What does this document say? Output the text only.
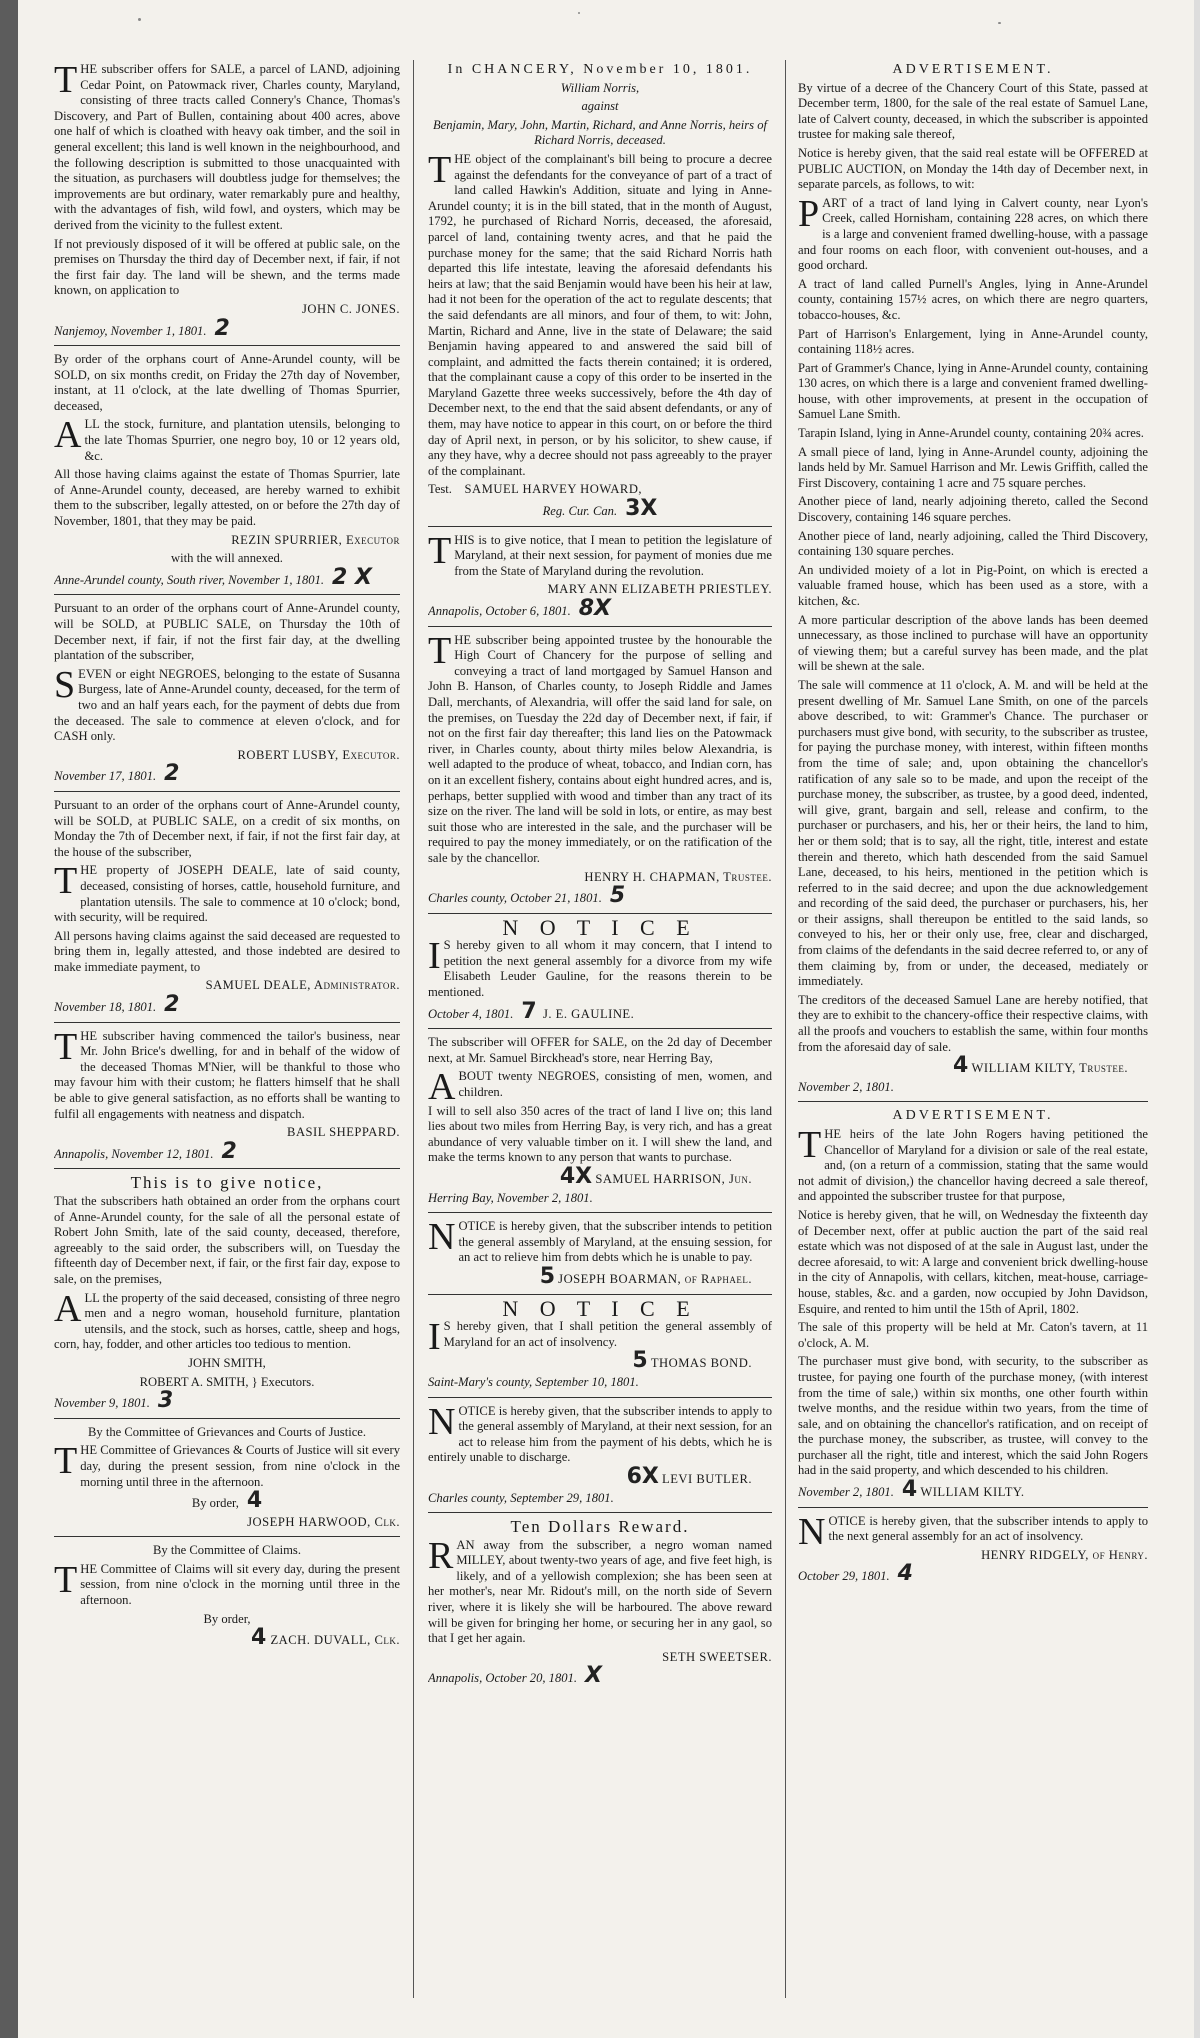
THE subscriber offers for SALE, a parcel of LAND, adjoining Cedar Point, on Patowmack river, Charles county, Maryland, consisting of three tracts called Connery's Chance, Thomas's Discovery, and Part of Bullen, containing about 400 acres, above one half of which is cloathed with heavy oak timber, and the soil in general excellent; this land is well known in the neighbourhood, and the following description is submitted to those unacquainted with the situation, as purchasers will doubtless judge for themselves; the improvements are but ordinary, water remarkably pure and healthy, with the advantages of fish, wild fowl, and oysters, which may be derived from the vicinity to the fullest extent.

If not previously disposed of it will be offered at public sale, on the premises on Thursday the third day of December next, if fair, if not the first fair day. The land will be shewn, and the terms made known, on application to

JOHN C. JONES.

Nanjemoy, November 1, 1801. 2

By order of the orphans court of Anne-Arundel county, will be SOLD, on six months credit, on Friday the 27th day of November, instant, at 11 o'clock, at the late dwelling of Thomas Spurrier, deceased,

ALL the stock, furniture, and plantation utensils, belonging to the late Thomas Spurrier, one negro boy, 10 or 12 years old, &c.

All those having claims against the estate of Thomas Spurrier, late of Anne-Arundel county, deceased, are hereby warned to exhibit them to the subscriber, legally attested, on or before the 27th day of November, 1801, that they may be paid.

REZIN SPURRIER, Executor

with the will annexed.

Anne-Arundel county, South river, November 1, 1801. 2 X

Pursuant to an order of the orphans court of Anne-Arundel county, will be SOLD, at PUBLIC SALE, on Thursday the 10th of December next, if fair, if not the first fair day, at the dwelling plantation of the subscriber,

SEVEN or eight NEGROES, belonging to the estate of Susanna Burgess, late of Anne-Arundel county, deceased, for the term of two and an half years each, for the payment of debts due from the deceased. The sale to commence at eleven o'clock, and for CASH only.

ROBERT LUSBY, Executor.

November 17, 1801. 2

Pursuant to an order of the orphans court of Anne-Arundel county, will be SOLD, at PUBLIC SALE, on a credit of six months, on Monday the 7th of December next, if fair, if not the first fair day, at the house of the subscriber,

THE property of JOSEPH DEALE, late of said county, deceased, consisting of horses, cattle, household furniture, and plantation utensils. The sale to commence at 10 o'clock; bond, with security, will be required.

All persons having claims against the said deceased are requested to bring them in, legally attested, and those indebted are desired to make immediate payment, to

SAMUEL DEALE, Administrator.

November 18, 1801. 2

THE subscriber having commenced the tailor's business, near Mr. John Brice's dwelling, for and in behalf of the widow of the deceased Thomas M'Nier, will be thankful to those who may favour him with their custom; he flatters himself that he shall be able to give general satisfaction, as no efforts shall be wanting to fulfil all engagements with neatness and dispatch.

BASIL SHEPPARD.

Annapolis, November 12, 1801. 2

This is to give notice,

That the subscribers hath obtained an order from the orphans court of Anne-Arundel county, for the sale of all the personal estate of Robert John Smith, late of the said county, deceased, therefore, agreeably to the said order, the subscribers will, on Tuesday the fifteenth day of December next, if fair, or the first fair day, expose to sale, on the premises,

ALL the property of the said deceased, consisting of three negro men and a negro woman, household furniture, plantation utensils, and the stock, such as horses, cattle, sheep and hogs, corn, hay, fodder, and other articles too tedious to mention.

JOHN SMITH,

ROBERT A. SMITH, } Executors.

November 9, 1801. 3

By the Committee of Grievances and Courts of Justice.

THE Committee of Grievances & Courts of Justice will sit every day, during the present session, from nine o'clock in the morning until three in the afternoon.

By order, 4

JOSEPH HARWOOD, Clk.

By the Committee of Claims.

THE Committee of Claims will sit every day, during the present session, from nine o'clock in the morning until three in the afternoon.

By order,

4 ZACH. DUVALL, Clk.

In CHANCERY, November 10, 1801.

William Norris,

against

Benjamin, Mary, John, Martin, Richard, and Anne Norris, heirs of Richard Norris, deceased.

THE object of the complainant's bill being to procure a decree against the defendants for the conveyance of part of a tract of land called Hawkin's Addition, situate and lying in Anne-Arundel county; it is in the bill stated, that in the month of August, 1792, he purchased of Richard Norris, deceased, the aforesaid, parcel of land, containing twenty acres, and that he paid the purchase money for the same; that the said Richard Norris hath departed this life intestate, leaving the aforesaid defendants his heirs at law; that the said Benjamin would have been his heir at law, had it not been for the operation of the act to regulate descents; that the said defendants are all minors, and four of them, to wit: John, Martin, Richard and Anne, live in the state of Delaware; the said Benjamin having appeared to and answered the said bill of complaint, and admitted the facts therein contained; it is ordered, that the complainant cause a copy of this order to be inserted in the Maryland Gazette three weeks successively, before the 4th day of December next, to the end that the said absent defendants, or any of them, may have notice to appear in this court, on or before the third day of April next, in person, or by his solicitor, to shew cause, if any they have, why a decree should not pass agreeably to the prayer of the complainant.

Test. SAMUEL HARVEY HOWARD,

Reg. Cur. Can. 3X

THIS is to give notice, that I mean to petition the legislature of Maryland, at their next session, for payment of monies due me from the State of Maryland during the revolution.

MARY ANN ELIZABETH PRIESTLEY.

Annapolis, October 6, 1801. 8X

THE subscriber being appointed trustee by the honourable the High Court of Chancery for the purpose of selling and conveying a tract of land mortgaged by Samuel Hanson and John B. Hanson, of Charles county, to Joseph Riddle and James Dall, merchants, of Alexandria, will offer the said land for sale, on the premises, on Tuesday the 22d day of December next, if fair, if not on the first fair day thereafter; this land lies on the Patowmack river, in Charles county, about thirty miles below Alexandria, is well adapted to the produce of wheat, tobacco, and Indian corn, has on it an excellent fishery, contains about eight hundred acres, and is, perhaps, better supplied with wood and timber than any tract of its size on the river. The land will be sold in lots, or entire, as may best suit those who are interested in the sale, and the purchaser will be required to pay the money immediately, or on the ratification of the sale by the chancellor.

HENRY H. CHAPMAN, Trustee.

Charles county, October 21, 1801. 5

N O T I C E

I S hereby given to all whom it may concern, that I intend to petition the next general assembly for a divorce from my wife Elisabeth Leuder Gauline, for the reasons therein to be mentioned.

October 4, 1801. 7 J. E. GAULINE.

The subscriber will OFFER for SALE, on the 2d day of December next, at Mr. Samuel Birckhead's store, near Herring Bay,

ABOUT twenty NEGROES, consisting of men, women, and children.

I will to sell also 350 acres of the tract of land I live on; this land lies about two miles from Herring Bay, is very rich, and has a great abundance of very valuable timber on it. I will shew the land, and make the terms known to any person that wants to purchase.

4X SAMUEL HARRISON, Jun.

Herring Bay, November 2, 1801.

NOTICE is hereby given, that the subscriber intends to petition the general assembly of Maryland, at the ensuing session, for an act to relieve him from debts which he is unable to pay.

5 JOSEPH BOARMAN, of Raphael.

N O T I C E

I S hereby given, that I shall petition the general assembly of Maryland for an act of insolvency.

5 THOMAS BOND.

Saint-Mary's county, September 10, 1801.

NOTICE is hereby given, that the subscriber intends to apply to the general assembly of Maryland, at their next session, for an act to release him from the payment of his debts, which he is entirely unable to discharge.

6X LEVI BUTLER.

Charles county, September 29, 1801.

Ten Dollars Reward.

RAN away from the subscriber, a negro woman named MILLEY, about twenty-two years of age, and five feet high, is likely, and of a yellowish complexion; she has been seen at her mother's, near Mr. Ridout's mill, on the north side of Severn river, where it is likely she will be harboured. The above reward will be given for bringing her home, or securing her in any gaol, so that I get her again.

SETH SWEETSER.

Annapolis, October 20, 1801. X

ADVERTISEMENT.

By virtue of a decree of the Chancery Court of this State, passed at December term, 1800, for the sale of the real estate of Samuel Lane, late of Calvert county, deceased, in which the subscriber is appointed trustee for making sale thereof,

Notice is hereby given, that the said real estate will be OFFERED at PUBLIC AUCTION, on Monday the 14th day of December next, in separate parcels, as follows, to wit:

PART of a tract of land lying in Calvert county, near Lyon's Creek, called Hornisham, containing 228 acres, on which there is a large and convenient framed dwelling-house, with a passage and four rooms on each floor, with convenient out-houses, and a good orchard.

A tract of land called Purnell's Angles, lying in Anne-Arundel county, containing 157½ acres, on which there are negro quarters, tobacco-houses, &c.

Part of Harrison's Enlargement, lying in Anne-Arundel county, containing 118½ acres.

Part of Grammer's Chance, lying in Anne-Arundel county, containing 130 acres, on which there is a large and convenient framed dwelling-house, with other improvements, at present in the occupation of Samuel Lane Smith.

Tarapin Island, lying in Anne-Arundel county, containing 20¾ acres.

A small piece of land, lying in Anne-Arundel county, adjoining the lands held by Mr. Samuel Harrison and Mr. Lewis Griffith, called the First Discovery, containing 1 acre and 75 square perches.

Another piece of land, nearly adjoining thereto, called the Second Discovery, containing 146 square perches.

Another piece of land, nearly adjoining, called the Third Discovery, containing 130 square perches.

An undivided moiety of a lot in Pig-Point, on which is erected a valuable framed house, which has been used as a store, with a kitchen, &c.

A more particular description of the above lands has been deemed unnecessary, as those inclined to purchase will have an opportunity of viewing them; but a careful survey has been made, and the plat will be shewn at the sale.

The sale will commence at 11 o'clock, A. M. and will be held at the present dwelling of Mr. Samuel Lane Smith, on one of the parcels above described, to wit: Grammer's Chance. The purchaser or purchasers must give bond, with security, to the subscriber as trustee, for paying the purchase money, with interest, within fifteen months from the time of sale; and, upon obtaining the chancellor's ratification of any sale so to be made, and upon the receipt of the purchase money, the subscriber, as trustee, by a good deed, indented, will give, grant, bargain and sell, release and confirm, to the purchaser or purchasers, and his, her or their heirs, the land to him, her or them sold; that is to say, all the right, title, interest and estate therein and thereto, which hath descended from the said Samuel Lane, deceased, to his heirs, mentioned in the petition which is referred to in the said decree; and upon the due acknowledgement and recording of the said deed, the purchaser or purchasers, his, her or their assigns, shall thereupon be entitled to the said lands, so conveyed to his, her or their only use, free, clear and discharged, from claims of the defendants in the said decree referred to, or any of them claiming by, from or under, the deceased, mediately or immediately.

The creditors of the deceased Samuel Lane are hereby notified, that they are to exhibit to the chancery-office their respective claims, with all the proofs and vouchers to establish the same, within four months from the aforesaid day of sale.

4 WILLIAM KILTY, Trustee.

November 2, 1801.

ADVERTISEMENT.

THE heirs of the late John Rogers having petitioned the Chancellor of Maryland for a division or sale of the real estate, and, (on a return of a commission, stating that the same would not admit of division,) the chancellor having decreed a sale thereof, and appointed the subscriber trustee for that purpose,

Notice is hereby given, that he will, on Wednesday the fixteenth day of December next, offer at public auction the part of the said real estate which was not disposed of at the sale in August last, under the decree aforesaid, to wit: A large and convenient brick dwelling-house in the city of Annapolis, with cellars, kitchen, meat-house, carriage-house, stables, &c. and a garden, now occupied by John Davidson, Esquire, and rented to him until the 15th of April, 1802.

The sale of this property will be held at Mr. Caton's tavern, at 11 o'clock, A. M.

The purchaser must give bond, with security, to the subscriber as trustee, for paying one fourth of the purchase money, (with interest from the time of sale,) within six months, one other fourth within twelve months, and the residue within two years, from the time of sale, and on obtaining the chancellor's ratification, and on receipt of the purchase money, the subscriber, as trustee, will convey to the purchaser all the right, title and interest, which the said John Rogers had in the said property, and which descended to his children.

November 2, 1801. 4 WILLIAM KILTY.

NOTICE is hereby given, that the subscriber intends to apply to the next general assembly for an act of insolvency.

HENRY RIDGELY, of Henry.

October 29, 1801. 4
